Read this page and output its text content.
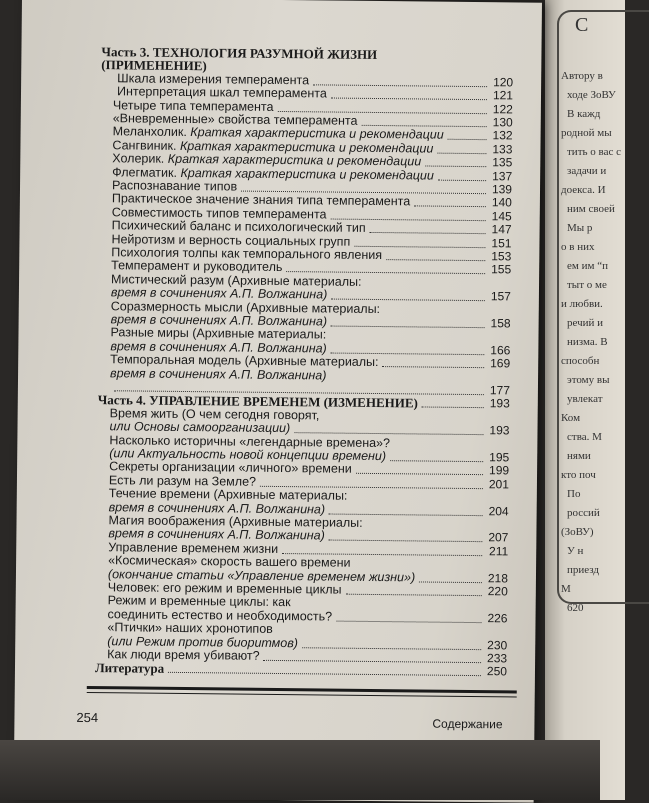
С
Автору в
ходе ЗоВУ
В кажд
родной мы
тить о вас с
задачи и
доекса. И
ним своей
Мы р
о в них
ем им “п
тыт о ме
и любви.
речий и
низма. В
способн
этому вы
увлекат
Ком
ства. М
нями
кто поч
По
россий
(ЗоВУ)
У н
приезд
М
620
Часть 3. ТЕХНОЛОГИЯ РАЗУМНОЙ ЖИЗНИ
(ПРИМЕНЕНИЕ)
Шкала измерения темперамента	120
Интерпретация шкал темперамента	121
Четыре типа темперамента	122
«Вневременные» свойства темперамента	130
Меланхолик. Краткая характеристика и рекомендации	132
Сангвиник. Краткая характеристика и рекомендации	133
Холерик. Краткая характеристика и рекомендации	135
Флегматик. Краткая характеристика и рекомендации	137
Распознавание типов	139
Практическое значение знания типа темперамента	140
Совместимость типов темперамента	145
Психический баланс и психологический тип	147
Нейротизм и верность социальных групп	151
Психология толпы как темпорального явления	153
Темперамент и руководитель	155
Мистический разум (Архивные материалы:
время в сочинениях А.П. Волжанина)	157
Соразмерность мысли (Архивные материалы:
время в сочинениях А.П. Волжанина)	158
Разные миры (Архивные материалы:
время в сочинениях А.П. Волжанина)	166
Темпоральная модель (Архивные материалы:	169
время в сочинениях А.П. Волжанина)
177
Часть 4. УПРАВЛЕНИЕ ВРЕМЕНЕМ (ИЗМЕНЕНИЕ)	193
Время жить (О чем сегодня говорят,
или Основы самоорганизации)	193
Насколько историчны «легендарные времена»?
(или Актуальность новой концепции времени)	195
Секреты организации «личного» времени	199
Есть ли разум на Земле?	201
Течение времени (Архивные материалы:
время в сочинениях А.П. Волжанина)	204
Магия воображения (Архивные материалы:
время в сочинениях А.П. Волжанина)	207
Управление временем жизни	211
«Космическая» скорость вашего времени
(окончание статьи «Управление временем жизни»)	218
Человек: его режим и временные циклы	220
Режим и временные циклы: как
соединить естество и необходимость?	226
«Птички» наших хронотипов
(или Режим против биоритмов)	230
Как люди время убивают?	233
Литература	250
254	Содержание
